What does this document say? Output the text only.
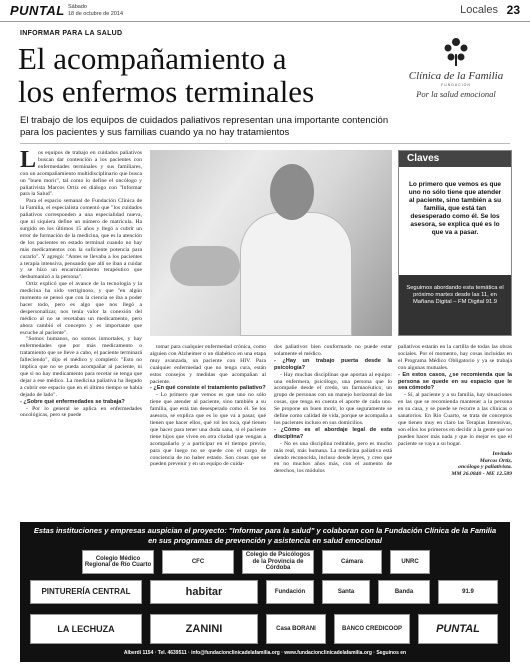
PUNTAL Sábado
18 de octubre de 2014	Locales 23
INFORMAR PARA LA SALUD
El acompañamiento a
los enfermos terminales
El trabajo de los equipos de cuidados paliativos representan una importante contención para los pacientes y sus familias cuando ya no hay tratamientos
Clínica de la Familia
FUNDACIÓN
Por la salud emocional

Los equipos de trabajo en cuidados paliativos buscan dar contención a los pacientes con enfermedades terminales y sus familiares, con un acompañamiento multidisciplinario que busca un "buen morir", tal como lo define el oncólogo y paliativista Marcos Ortiz en diálogo con "Informar para la Salud".

Para el espacio semanal de Fundación Clínica de la Familia, el especialista comentó que "los cuidados paliativos corresponden a una especialidad nueva, que ni siquiera define un número de matrícula. Ha surgido en los últimos 15 años y llegó a cubrir un error de formación de la medicina, que es la atención de los pacientes en estado terminal cuando no hay más medicamentos con la suficiente potencia para curarlo". Y agregó: "Antes se llevaba a los pacientes a terapia intensiva, pensando que allí se iban a cuidar y se hizo un encarnizamiento terapéutico que deshumanizó a la persona".

Ortiz explicó que el avance de la tecnología y la medicina ha sido vertiginoso, y que "en algún momento se pensó que con la ciencia se iba a poder hacer todo, pero es algo que nos llegó a despersonalizar, nos tenía valor la conexión del médico al no se recetaban un medicamento, pero ahora cambió el concepto y es importante que escuche al paciente".

"Somos humanos, no somos inmortales, y hay enfermedades que por más medicamento o tratamiento que se lleve a cabo, el paciente terminará falleciendo", dijo el médico y completó: "Esto no implica que no se pueda acompañar al paciente, ni que si no hay medicamento para recetar se tenga que dejar a ese médico. La medicina paliativa ha llegado a cubrir ese espacio que en el último tiempo se había dejado de lado".

- ¿Sobre qué enfermedades se trabaja?

- Por lo general se aplica en enfermedades oncológicas, pero se puede

Claves
Lo primero que vemos es que uno no sólo tiene que atender al paciente, sino también a su familia, que está tan desesperado como él. Se los asesora, se explica qué es lo que va a pasar.
Seguimos abordando esta temática el próximo martes desde las 11, en Mañana Digital – FM Digital 91.9

tomar para cualquier enfermedad crónica, como alguien con Alzheimer o un diabético en una etapa muy avanzada, un paciente con HIV. Para cualquier enfermedad que no tenga cura, están estos consejos y medidas que acompañan al paciente.

- ¿En qué consiste el tratamiento paliativo?

- Lo primero que vemos es que uno no sólo tiene que atender al paciente, sino también a su familia, que está tan desesperado como él. Se los asesora, se explica que es lo que va a pasar, qué tienen que hacer ellos, qué rol les toca, qué tienen que hacer para tener una duda sana, si el paciente tiene hijos que viven en otra ciudad que vengan a acompañarlo y a participar en el tiempo previo, para que luego no se quede con el cargo de conciencia de no haber estado. Son cosas que se pueden prevenir y en un equipo de cuida-

dos paliativos bien conformado no puede estar solamente el médico.

- ¿Hay un trabajo puerta desde la psicología?

- Hay muchas disciplinas que aportan al equipo: una enfermera, psicólogo, una persona que lo acompañe desde el credo, un farmacéutico, un grupo de personas con un manejo horizontal de las cosas, que tenga en cuenta el aporte de cada uno. Se propone un buen morir, lo que seguramente se define como calidad de vida, porque se acompaña a los pacientes incluso en sus domicilios.

- ¿Cómo es el abordaje legal de esta disciplina?

- No es una disciplina reditable, pero es mucho más real, más humana. La medicina paliativa está siendo reconocida, incluso desde leyes, y creo que en no muchos años más, con el aumento de derechos, los módulos

paliativos estarán en la cartilla de todas las obras sociales. Por el momento, hay cosas incluidas en el Programa Médico Obligatorio y ya se trabaja con algunas mutuales.

- En estos casos, ¿se recomienda que la persona se quede en su espacio que le sea cómodo?

- Sí, al paciente y a su familia, hay situaciones en las que se recomienda mantener a la persona en su casa, y se puede se recurre a las clínicas o sanatorios. En Río Cuarto, se trata de conceptos que tienen muy en claro las Terapias Intensivas, son ellos los primeros en decidir a la gente que no pueden hacer más nada y que lo mejor es que el paciente se vaya a su hogar.

Invitado

Marcos Ortiz,

oncólogo y paliativista.

MM 26.0840 - ME 12.589

Estas instituciones y empresas auspician el proyecto: "Informar para la salud" y colaboran con la Fundación Clínica de la Familia en sus programas de prevención y asistencia en salud emocional
Colegio Médico Regional de Río Cuarto
CFC
Colegio de Psicólogos de la Provincia de Córdoba
Cámara	UNRC
PINTURERÍA CENTRAL	habitar	Fundación	Santa	Banda	91.9
LA LECHUZA	ZANINI	Casa BORANI	BANCO CREDICOOP	PUNTAL
Alberdi 1154 · Tel. 4639511 · info@fundacionclinicadelafamilia.org · www.fundacionclinicadelafamilia.org · Seguinos en
